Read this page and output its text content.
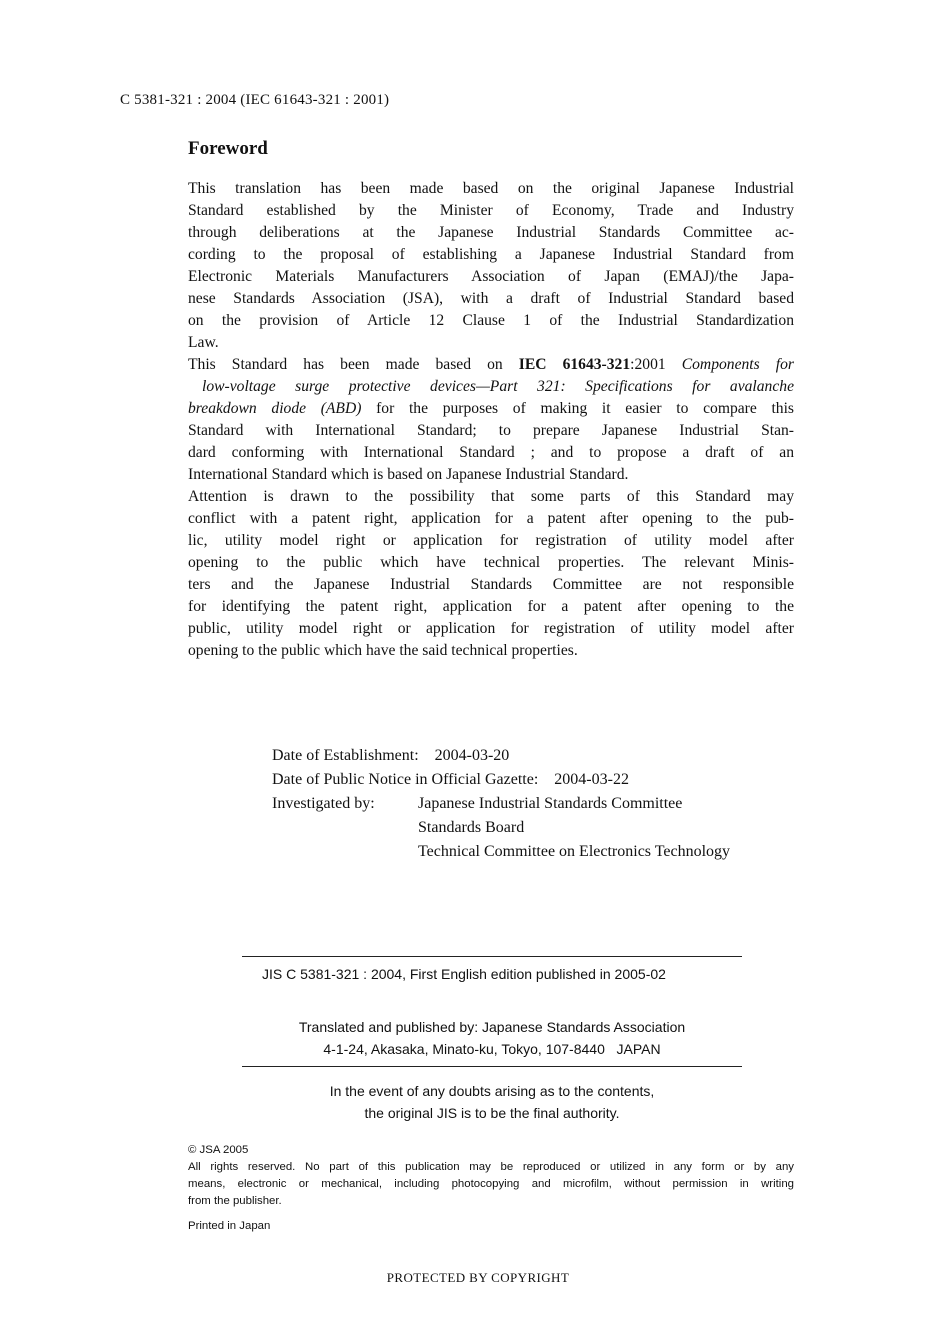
C 5381-321 : 2004 (IEC 61643-321 : 2001)
Foreword
This translation has been made based on the original Japanese Industrial
Standard established by the Minister of Economy, Trade and Industry
through deliberations at the Japanese Industrial Standards Committee ac-
cording to the proposal of establishing a Japanese Industrial Standard from
Electronic Materials Manufacturers Association of Japan (EMAJ)/the Japa-
nese Standards Association (JSA), with a draft of Industrial Standard based
on the provision of Article 12 Clause 1 of the Industrial Standardization
Law.
This Standard has been made based on IEC 61643-321:2001 Components for
low-voltage surge protective devices—Part 321: Specifications for avalanche
breakdown diode (ABD) for the purposes of making it easier to compare this
Standard with International Standard; to prepare Japanese Industrial Stan-
dard conforming with International Standard ; and to propose a draft of an
International Standard which is based on Japanese Industrial Standard.
Attention is drawn to the possibility that some parts of this Standard may
conflict with a patent right, application for a patent after opening to the pub-
lic, utility model right or application for registration of utility model after
opening to the public which have technical properties. The relevant Minis-
ters and the Japanese Industrial Standards Committee are not responsible
for identifying the patent right, application for a patent after opening to the
public, utility model right or application for registration of utility model after
opening to the public which have the said technical properties.
Date of Establishment: 2004-03-20
Date of Public Notice in Official Gazette: 2004-03-22
Investigated by:	Japanese Industrial Standards Committee
Standards Board
Technical Committee on Electronics Technology
JIS C 5381-321 : 2004, First English edition published in 2005-02
Translated and published by: Japanese Standards Association
4-1-24, Akasaka, Minato-ku, Tokyo, 107-8440   JAPAN
In the event of any doubts arising as to the contents,
the original JIS is to be the final authority.
© JSA 2005
All rights reserved. No part of this publication may be reproduced or utilized in any form or by any
means, electronic or mechanical, including photocopying and microfilm, without permission in writing
from the publisher.
Printed in Japan
PROTECTED BY COPYRIGHT
